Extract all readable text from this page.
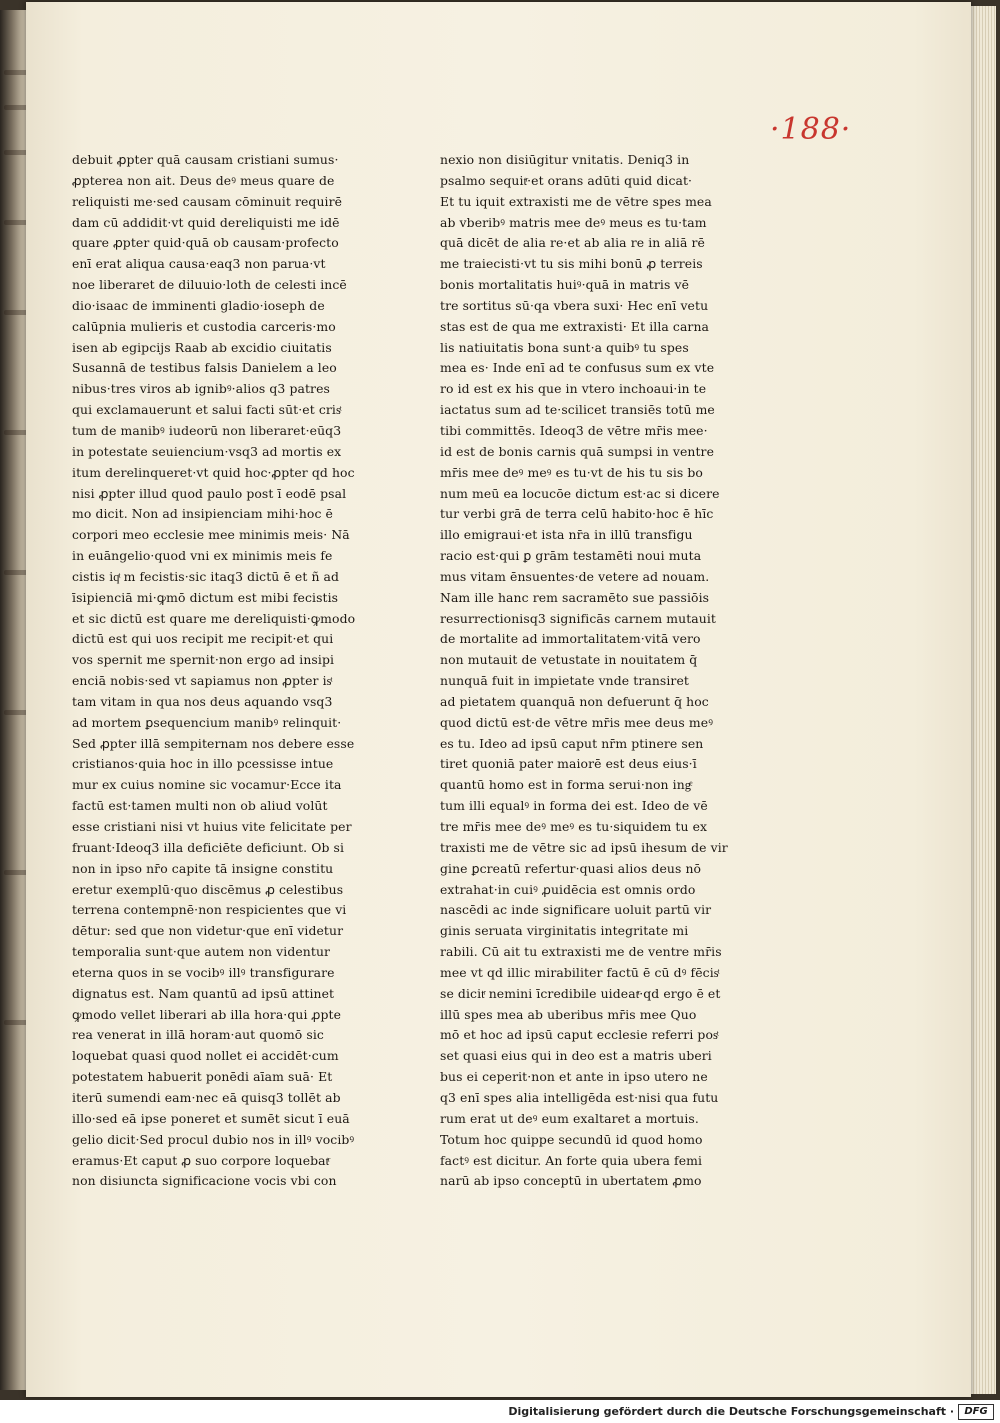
·188·
debuit ꝓpter quā causam cristiani sumus·
ꝓpterea non ait. Deus deꝰ meus quare de
reliquisti me·sed causam cōminuit requirē
dam cū addidit·vt quid dereliquisti me idē
quare ꝓpter quid·quā ob causam·profecto
enī erat aliqua causa·eaq3 non parua·vt
noe liberaret de diluuio·loth de celesti incē
dio·isaac de imminenti gladio·ioseph de
calūpnia mulieris et custodia carceris·mo
isen ab egipcijs Raab ab excidio ciuitatis
Susannā de testibus falsis Danielem a leo
nibus·tres viros ab ignibꝰ·alios q3 patres
qui exclamauerunt et salui facti sūt·et crisͭ
tum de manibꝰ iudeorū non liberaret·eūq3
in potestate seuiencium·vsq3 ad mortis ex
itum derelinqueret·vt quid hoc·ꝓpter qd hoc
nisi ꝓpter illud quod paulo post ī eodē psal
mo dicit. Non ad insipienciam mihi·hoc ē
corpori meo ecclesie mee minimis meis· Nā
in euāngelio·quod vni ex minimis meis fe
cistis iqͭ m fecistis·sic itaq3 dictū ē et ñ ad
īsipienciā mi·ꝙmō dictum est mibi fecistis
et sic dictū est quare me dereliquisti·ꝙmodo
dictū est qui uos recipit me recipit·et qui
vos spernit me spernit·non ergo ad insipi
enciā nobis·sed vt sapiamus non ꝓpter isͭ
tam vitam in qua nos deus aquando vsq3
ad mortem ꝑsequencium manibꝰ relinquit·
Sed ꝓpter illā sempiternam nos debere esse
cristianos·quia hoc in illo pcessisse intue
mur ex cuius nomine sic vocamur·Ecce ita
factū est·tamen multi non ob aliud volūt
esse cristiani nisi vt huius vite felicitate per
fruant·Ideoq3 illa deficiēte deficiunt. Ob si
non in ipso nr̄o capite tā insigne constitu
eretur exemplū·quo discēmus ꝓ celestibus
terrena contempnē·non respicientes que vi
dētur: sed que non videtur·que enī videtur
temporalia sunt·que autem non videntur
eterna quos in se vocibꝰ illꝰ transfigurare
dignatus est. Nam quantū ad ipsū attinet
ꝙmodo vellet liberari ab illa hora·qui ꝓpte
rea venerat in illā horam·aut quomō sic
loquebat quasi quod nollet ei accidēt·cum
potestatem habuerit ponēdi aīam suā· Et
iterū sumendi eam·nec eā quisq3 tollēt ab
illo·sed eā ipse poneret et sumēt sicut ī euā
gelio dicit·Sed procul dubio nos in illꝰ vocibꝰ
eramus·Et caput ꝓ suo corpore loquebatͬ
non disiuncta significacione vocis vbi con
nexio non disiūgitur vnitatis. Deniq3 in
psalmo sequitͬ·et orans adūti quid dicat·
Et tu iquit extraxisti me de vētre spes mea
ab vberibꝰ matris mee deꝰ meus es tu·tam
quā dicēt de alia re·et ab alia re in aliā rē
me traiecisti·vt tu sis mihi bonū ꝓ terreis
bonis mortalitatis huiꝰ·quā in matris vē
tre sortitus sū·qa vbera suxi· Hec enī vetu
stas est de qua me extraxisti· Et illa carna
lis natiuitatis bona sunt·a quibꝰ tu spes
mea es· Inde enī ad te confusus sum ex vte
ro id est ex his que in vtero inchoaui·in te
iactatus sum ad te·scilicet transiēs totū me
tibi committēs. Ideoq3 de vētre mr̄is mee·
id est de bonis carnis quā sumpsi in ventre
mr̄is mee deꝰ meꝰ es tu·vt de his tu sis bo
num meū ea locucōe dictum est·ac si dicere
tur verbi grā de terra celū habito·hoc ē hīc
illo emigraui·et ista nr̄a in illū transfigu
racio est·qui ꝑ grām testamēti noui muta
mus vitam ēnsuentes·de vetere ad nouam.
Nam ille hanc rem sacramēto sue passiōis
resurrectionisq3 significās carnem mutauit
de mortalite ad immortalitatem·vitā vero
non mutauit de vetustate in nouitatem q̄
nunquā fuit in impietate vnde transiret
ad pietatem quanquā non defuerunt q̄ hoc
quod dictū est·de vētre mr̄is mee deus meꝰ
es tu. Ideo ad ipsū caput nr̄m ptinere sen
tiret quoniā pater maiorē est deus eius·ī
quantū homo est in forma serui·non ingͤ
tum illi equalꝰ in forma dei est. Ideo de vē
tre mr̄is mee deꝰ meꝰ es tu·siquidem tu ex
traxisti me de vētre sic ad ipsū ihesum de vir
gine ꝑcreatū refertur·quasi alios deus nō
extrahat·in cuiꝰ ꝓuidēcia est omnis ordo
nascēdi ac inde significare uoluit partū vir
ginis seruata virginitatis integritate mi
rabili. Cū ait tu extraxisti me de ventre mr̄is
mee vt qd illic mirabiliter factū ē cū dꝰ fēcisͭ
se dicitͬ nemini īcredibile uideatͬ·qd ergo ē et
illū spes mea ab uberibus mr̄is mee Quo
mō et hoc ad ipsū caput ecclesie referri posͭ
set quasi eius qui in deo est a matris uberi
bus ei ceperit·non et ante in ipso utero ne
q3 enī spes alia intelligēda est·nisi qua futu
rum erat ut deꝰ eum exaltaret a mortuis.
Totum hoc quippe secundū id quod homo
factꝰ est dicitur. An forte quia ubera femi
narū ab ipso conceptū in ubertatem ꝓmo
Digitalisierung gefördert durch die Deutsche Forschungsgemeinschaft ·	DFG
